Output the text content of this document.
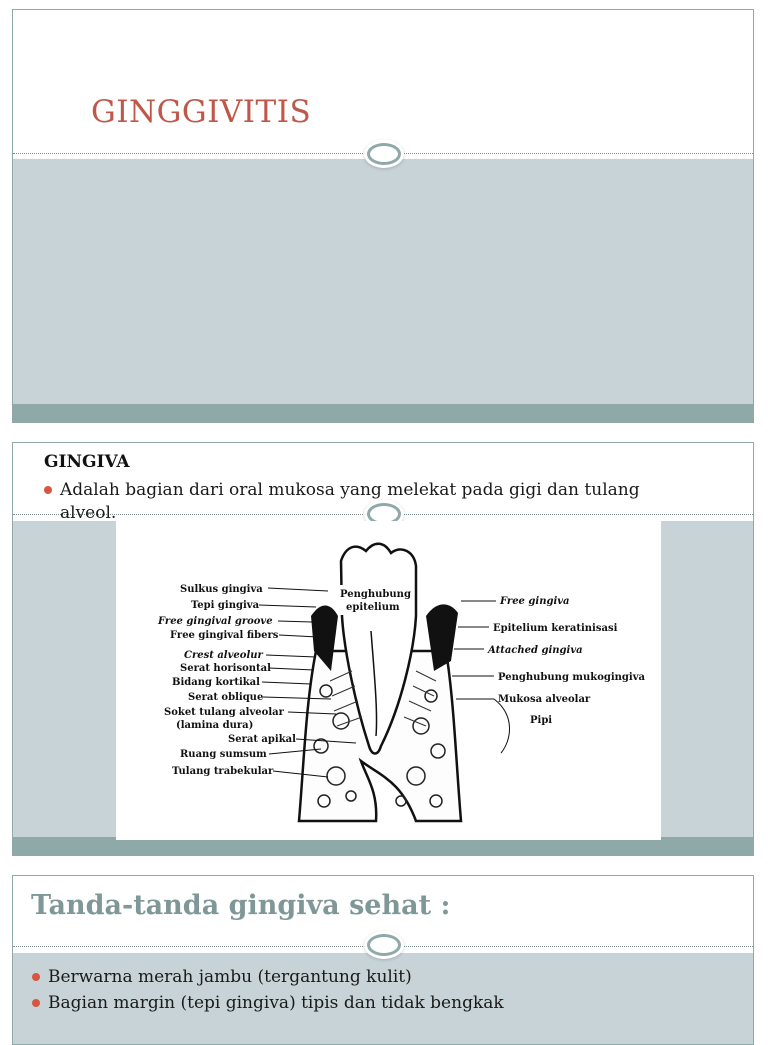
GINGGIVITIS
GINGIVA
Adalah bagian dari oral mukosa yang melekat pada gigi dan tulang alveol.
Penghubung
epitelium
Sulkus gingiva
Tepi gingiva
Free gingival groove
Free gingival fibers
Crest alveolur
Serat horisontal
Bidang kortikal
Serat oblique
Soket tulang alveolar
(lamina dura)
Serat apikal
Ruang sumsum
Tulang trabekular
Free gingiva
Epitelium keratinisasi
Attached gingiva
Penghubung mukogingiva
Mukosa alveolar
Pipi
Tanda-tanda gingiva sehat :
Berwarna merah jambu (tergantung kulit)
Bagian margin (tepi gingiva) tipis dan tidak bengkak
